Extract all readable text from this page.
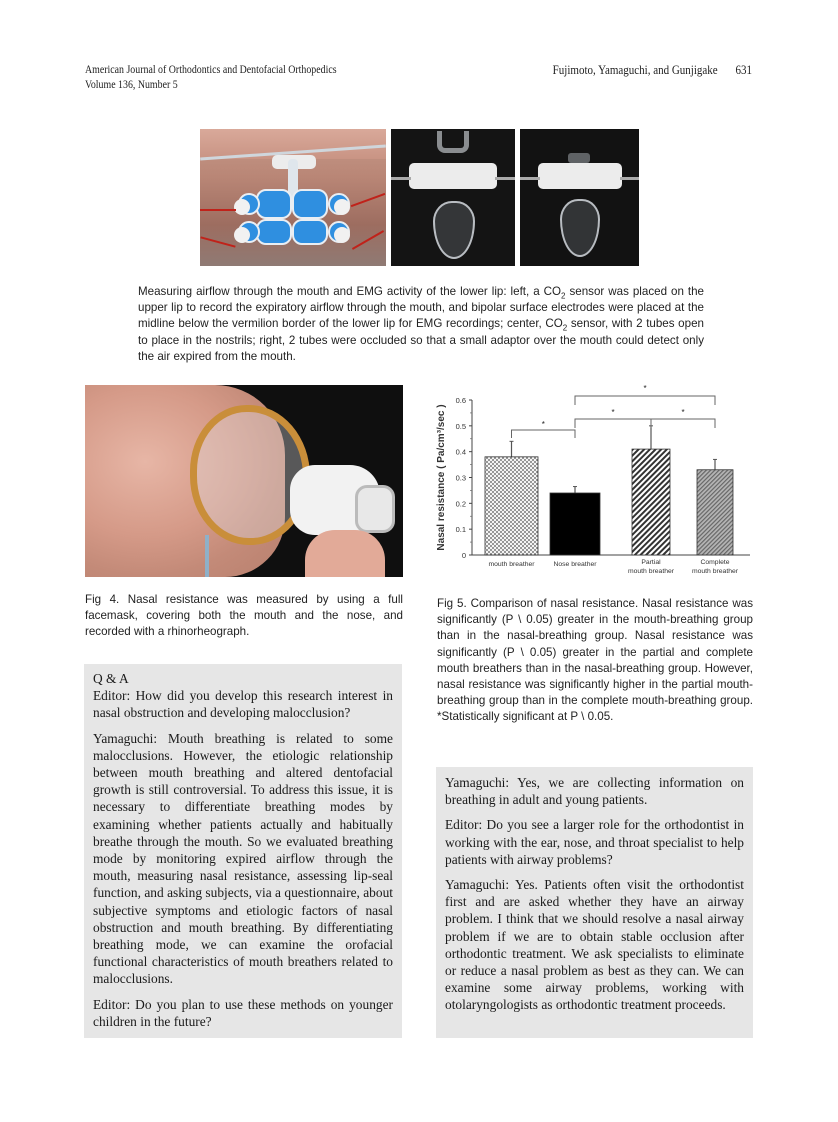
American Journal of Orthodontics and Dentofacial Orthopedics
Volume 136, Number 5
Fujimoto, Yamaguchi, and Gunjigake 631
Measuring airflow through the mouth and EMG activity of the lower lip: left, a $CO_2$ sensor was placed on the upper lip to record the expiratory airflow through the mouth, and bipolar surface electrodes were placed at the midline below the vermilion border of the lower lip for EMG recordings; center, $CO_2$ sensor, with 2 tubes open to place in the nostrils; right, 2 tubes were occluded so that a small adaptor over the mouth could detect only the air expired from the mouth.
Fig 4. Nasal resistance was measured by using a full facemask, covering both the mouth and the nose, and recorded with a rhinorheograph.
0
0.1
0.2
0.3
0.4
0.5
0.6
Nasal resistance ( Pa/cm³/sec )
mouth breather	Nose breather	Partial
mouth breather
Complete
mouth breather
*
*	*
*
Fig 5. Comparison of nasal resistance. Nasal resistance was significantly (P \ 0.05) greater in the mouth-breathing group than in the nasal-breathing group. Nasal resistance was significantly (P \ 0.05) greater in the partial and complete mouth breathers than in the nasal-breathing group. However, nasal resistance was significantly higher in the partial mouth-breathing group than in the complete mouth-breathing group. *Statistically significant at P \ 0.05.

Q & A

Editor: How did you develop this research interest in nasal obstruction and developing malocclusion?

Yamaguchi: Mouth breathing is related to some malocclusions. However, the etiologic relationship between mouth breathing and altered dentofacial growth is still controversial. To address this issue, it is necessary to differentiate breathing modes by examining whether patients actually and habitually breathe through the mouth. So we evaluated breathing mode by monitoring expired airflow through the mouth, measuring nasal resistance, assessing lip-seal function, and asking subjects, via a questionnaire, about subjective symptoms and etiologic factors of nasal obstruction and mouth breathing. By differentiating breathing mode, we can examine the orofacial functional characteristics of mouth breathers related to malocclusions.

Editor: Do you plan to use these methods on younger children in the future?

Yamaguchi: Yes, we are collecting information on breathing in adult and young patients.

Editor: Do you see a larger role for the orthodontist in working with the ear, nose, and throat specialist to help patients with airway problems?

Yamaguchi: Yes. Patients often visit the orthodontist first and are asked whether they have an airway problem. I think that we should resolve a nasal airway problem if we are to obtain stable occlusion after orthodontic treatment. We ask specialists to eliminate or reduce a nasal problem as best as they can. We can examine some airway problems, working with otolaryngologists as orthodontic treatment proceeds.
